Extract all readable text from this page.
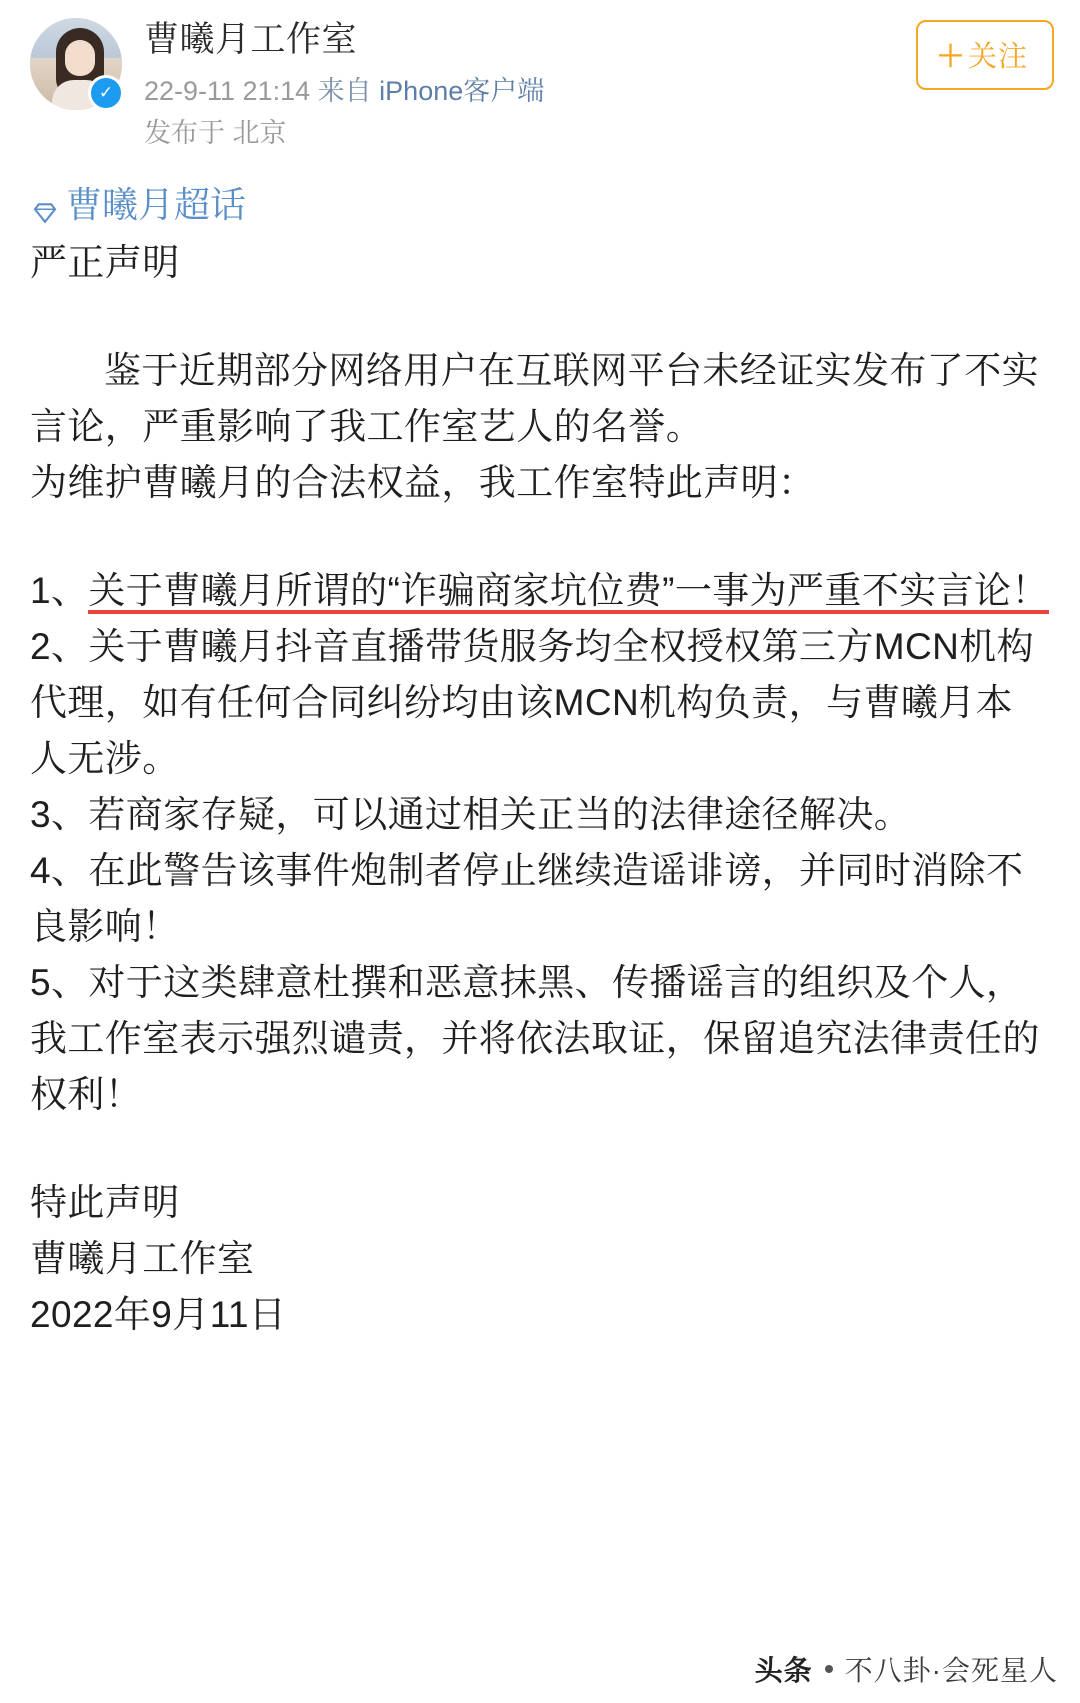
✓
曹曦月工作室
22-9-11 21:14 来自 iPhone客户端
发布于 北京
＋关注
曹曦月超话
严正声明
鉴于近期部分网络用户在互联网平台未经证实发布了不实言论，严重影响了我工作室艺人的名誉。
为维护曹曦月的合法权益，我工作室特此声明：
1、关于曹曦月所谓的“诈骗商家坑位费”一事为严重不实言论！
2、关于曹曦月抖音直播带货服务均全权授权第三方MCN机构代理，如有任何合同纠纷均由该MCN机构负责，与曹曦月本人无涉。
3、若商家存疑，可以通过相关正当的法律途径解决。
4、在此警告该事件炮制者停止继续造谣诽谤，并同时消除不良影响！
5、对于这类肆意杜撰和恶意抹黑、传播谣言的组织及个人，我工作室表示强烈谴责，并将依法取证，保留追究法律责任的权利！
特此声明
曹曦月工作室
2022年9月11日
头条 不八卦·会死星人
